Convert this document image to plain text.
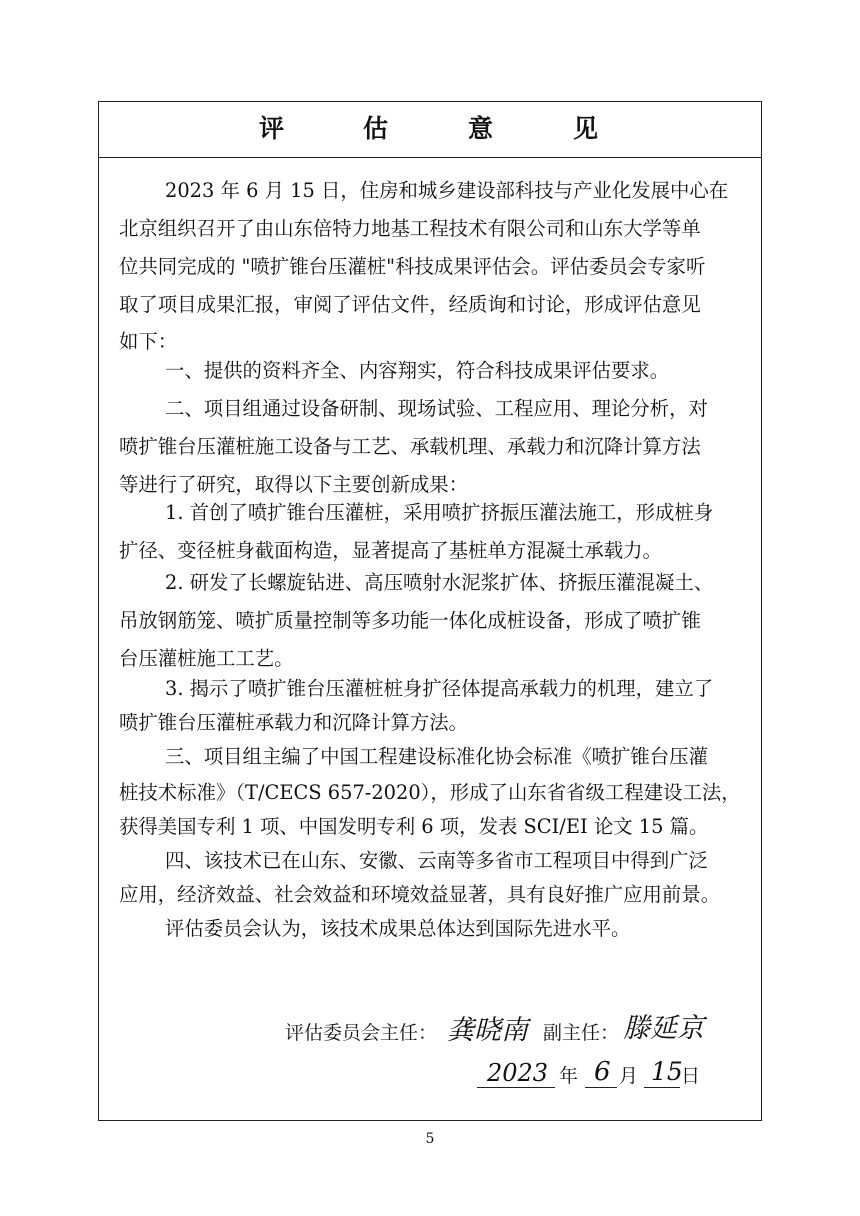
评	估	意	见
2023 年 6 月 15 日，住房和城乡建设部科技与产业化发展中心在
北京组织召开了由山东倍特力地基工程技术有限公司和山东大学等单
位共同完成的 "喷扩锥台压灌桩"科技成果评估会。评估委员会专家听
取了项目成果汇报，审阅了评估文件，经质询和讨论，形成评估意见
如下：
一、提供的资料齐全、内容翔实，符合科技成果评估要求。
二、项目组通过设备研制、现场试验、工程应用、理论分析，对
喷扩锥台压灌桩施工设备与工艺、承载机理、承载力和沉降计算方法
等进行了研究，取得以下主要创新成果：
1. 首创了喷扩锥台压灌桩，采用喷扩挤振压灌法施工，形成桩身
扩径、变径桩身截面构造，显著提高了基桩单方混凝土承载力。
2. 研发了长螺旋钻进、高压喷射水泥浆扩体、挤振压灌混凝土、
吊放钢筋笼、喷扩质量控制等多功能一体化成桩设备，形成了喷扩锥
台压灌桩施工工艺。
3. 揭示了喷扩锥台压灌桩桩身扩径体提高承载力的机理，建立了
喷扩锥台压灌桩承载力和沉降计算方法。
三、项目组主编了中国工程建设标准化协会标准《喷扩锥台压灌
桩技术标准》（T/CECS 657-2020），形成了山东省省级工程建设工法，
获得美国专利 1 项、中国发明专利 6 项，发表 SCI/EI 论文 15 篇。
四、该技术已在山东、安徽、云南等多省市工程项目中得到广泛
应用，经济效益、社会效益和环境效益显著，具有良好推广应用前景。
评估委员会认为，该技术成果总体达到国际先进水平。
评估委员会主任： 龚晓南 副主任： 滕延京
2023 年 6 月 15
日
5
